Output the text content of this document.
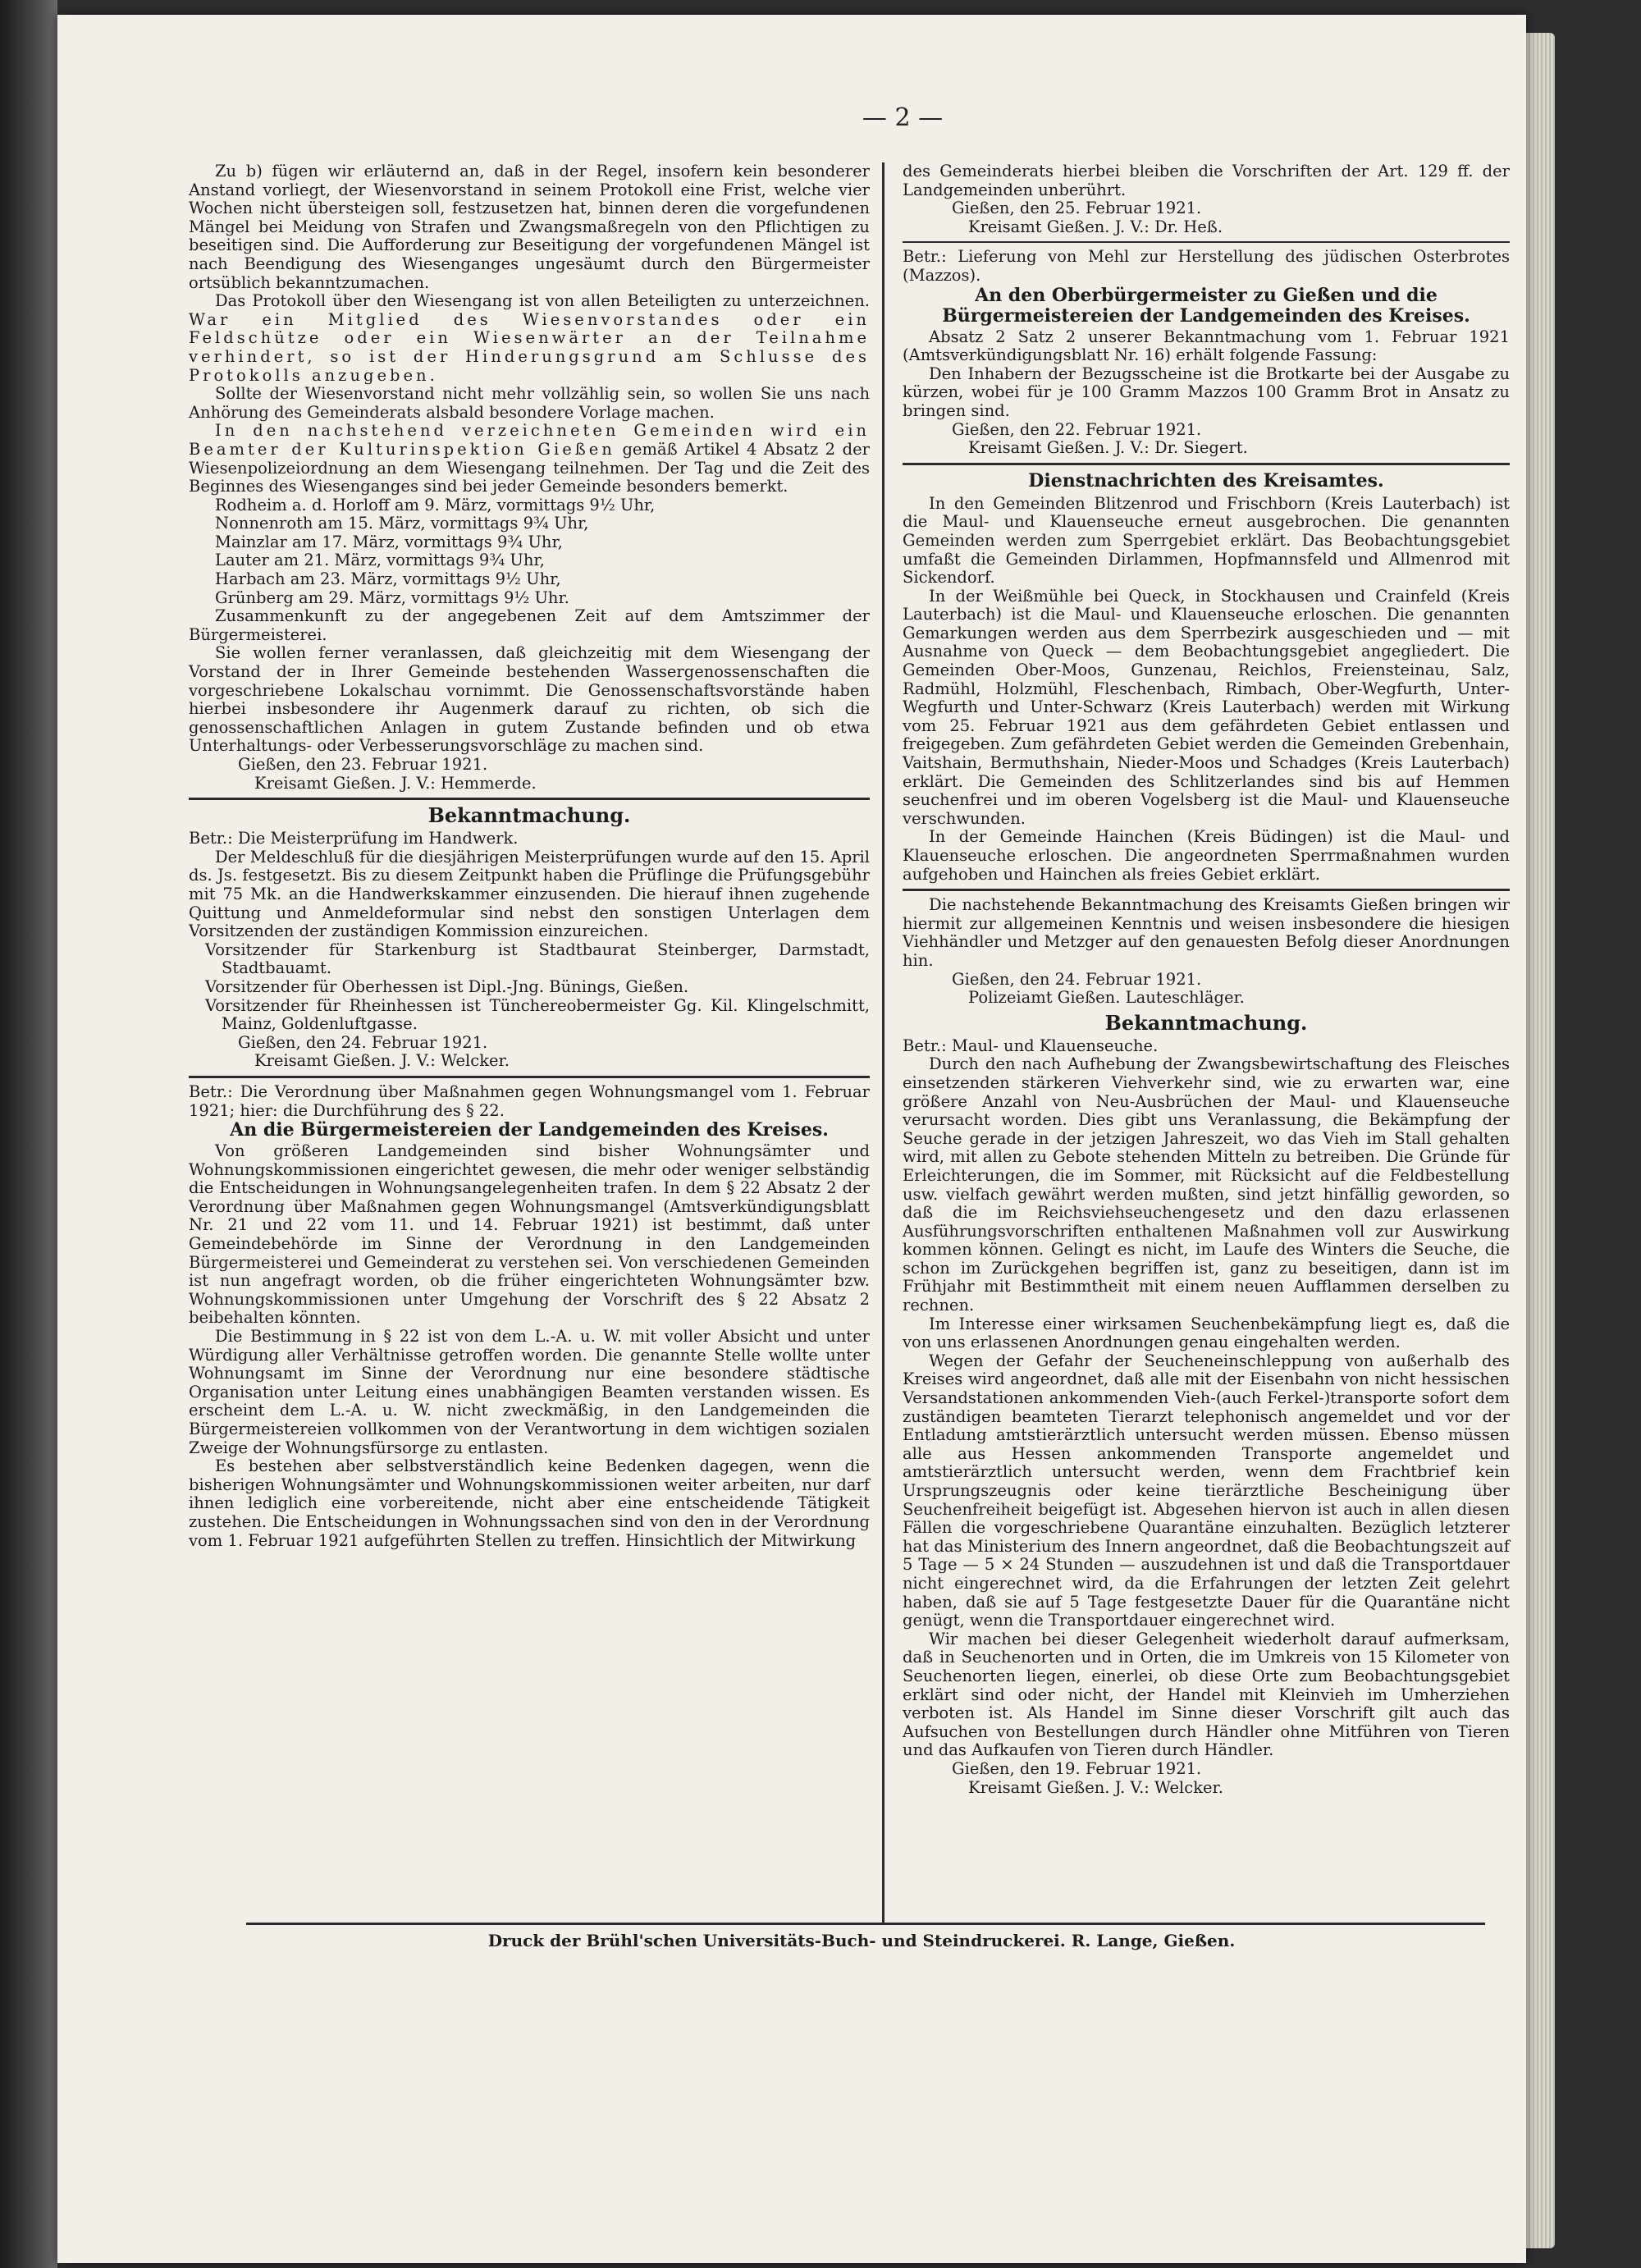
— 2 —

Zu b) fügen wir erläuternd an, daß in der Regel, insofern kein besonderer Anstand vorliegt, der Wiesenvorstand in seinem Protokoll eine Frist, welche vier Wochen nicht übersteigen soll, festzusetzen hat, binnen deren die vorgefundenen Mängel bei Meidung von Strafen und Zwangsmaßregeln von den Pflichtigen zu beseitigen sind. Die Aufforderung zur Beseitigung der vorgefundenen Mängel ist nach Beendigung des Wiesenganges ungesäumt durch den Bürgermeister ortsüblich bekanntzumachen.

Das Protokoll über den Wiesengang ist von allen Beteiligten zu unterzeichnen. War ein Mitglied des Wiesenvorstandes oder ein Feldschütze oder ein Wiesenwärter an der Teilnahme verhindert, so ist der Hinderungsgrund am Schlusse des Protokolls anzugeben.

Sollte der Wiesenvorstand nicht mehr vollzählig sein, so wollen Sie uns nach Anhörung des Gemeinderats alsbald besondere Vorlage machen.

In den nachstehend verzeichneten Gemeinden wird ein Beamter der Kulturinspektion Gießen gemäß Artikel 4 Absatz 2 der Wiesenpolizeiordnung an dem Wiesengang teilnehmen. Der Tag und die Zeit des Beginnes des Wiesenganges sind bei jeder Gemeinde besonders bemerkt.

Rodheim a. d. Horloff am 9. März, vormittags 9½ Uhr,

Nonnenroth am 15. März, vormittags 9¾ Uhr,

Mainzlar am 17. März, vormittags 9¾ Uhr,

Lauter am 21. März, vormittags 9¾ Uhr,

Harbach am 23. März, vormittags 9½ Uhr,

Grünberg am 29. März, vormittags 9½ Uhr.

Zusammenkunft zu der angegebenen Zeit auf dem Amtszimmer der Bürgermeisterei.

Sie wollen ferner veranlassen, daß gleichzeitig mit dem Wiesengang der Vorstand der in Ihrer Gemeinde bestehenden Wassergenossenschaften die vorgeschriebene Lokalschau vornimmt. Die Genossenschaftsvorstände haben hierbei insbesondere ihr Augenmerk darauf zu richten, ob sich die genossenschaftlichen Anlagen in gutem Zustande befinden und ob etwa Unterhaltungs- oder Verbesserungsvorschläge zu machen sind.

Gießen, den 23. Februar 1921.

Kreisamt Gießen. J. V.: Hemmerde.

Bekanntmachung.

Betr.: Die Meisterprüfung im Handwerk.

Der Meldeschluß für die diesjährigen Meisterprüfungen wurde auf den 15. April ds. Js. festgesetzt. Bis zu diesem Zeitpunkt haben die Prüflinge die Prüfungsgebühr mit 75 Mk. an die Handwerkskammer einzusenden. Die hierauf ihnen zugehende Quittung und Anmeldeformular sind nebst den sonstigen Unterlagen dem Vorsitzenden der zuständigen Kommission einzureichen.

Vorsitzender für Starkenburg ist Stadtbaurat Steinberger, Darmstadt, Stadtbauamt.

Vorsitzender für Oberhessen ist Dipl.-Jng. Bünings, Gießen.

Vorsitzender für Rheinhessen ist Tünchereobermeister Gg. Kil. Klingelschmitt, Mainz, Goldenluftgasse.

Gießen, den 24. Februar 1921.

Kreisamt Gießen. J. V.: Welcker.

Betr.: Die Verordnung über Maßnahmen gegen Wohnungsmangel vom 1. Februar 1921; hier: die Durchführung des § 22.

An die Bürgermeistereien der Landgemeinden des Kreises.

Von größeren Landgemeinden sind bisher Wohnungsämter und Wohnungskommissionen eingerichtet gewesen, die mehr oder weniger selbständig die Entscheidungen in Wohnungsangelegenheiten trafen. In dem § 22 Absatz 2 der Verordnung über Maßnahmen gegen Wohnungsmangel (Amtsverkündigungsblatt Nr. 21 und 22 vom 11. und 14. Februar 1921) ist bestimmt, daß unter Gemeindebehörde im Sinne der Verordnung in den Landgemeinden Bürgermeisterei und Gemeinderat zu verstehen sei. Von verschiedenen Gemeinden ist nun angefragt worden, ob die früher eingerichteten Wohnungsämter bzw. Wohnungskommissionen unter Umgehung der Vorschrift des § 22 Absatz 2 beibehalten könnten.

Die Bestimmung in § 22 ist von dem L.-A. u. W. mit voller Absicht und unter Würdigung aller Verhältnisse getroffen worden. Die genannte Stelle wollte unter Wohnungsamt im Sinne der Verordnung nur eine besondere städtische Organisation unter Leitung eines unabhängigen Beamten verstanden wissen. Es erscheint dem L.-A. u. W. nicht zweckmäßig, in den Landgemeinden die Bürgermeistereien vollkommen von der Verantwortung in dem wichtigen sozialen Zweige der Wohnungsfürsorge zu entlasten.

Es bestehen aber selbstverständlich keine Bedenken dagegen, wenn die bisherigen Wohnungsämter und Wohnungskommissionen weiter arbeiten, nur darf ihnen lediglich eine vorbereitende, nicht aber eine entscheidende Tätigkeit zustehen. Die Entscheidungen in Wohnungssachen sind von den in der Verordnung vom 1. Februar 1921 aufgeführten Stellen zu treffen. Hinsichtlich der Mitwirkung

des Gemeinderats hierbei bleiben die Vorschriften der Art. 129 ff. der Landgemeinden unberührt.

Gießen, den 25. Februar 1921.

Kreisamt Gießen. J. V.: Dr. Heß.

Betr.: Lieferung von Mehl zur Herstellung des jüdischen Osterbrotes (Mazzos).

An den Oberbürgermeister zu Gießen und die Bürgermeistereien der Landgemeinden des Kreises.

Absatz 2 Satz 2 unserer Bekanntmachung vom 1. Februar 1921 (Amtsverkündigungsblatt Nr. 16) erhält folgende Fassung:

Den Inhabern der Bezugsscheine ist die Brotkarte bei der Ausgabe zu kürzen, wobei für je 100 Gramm Mazzos 100 Gramm Brot in Ansatz zu bringen sind.

Gießen, den 22. Februar 1921.

Kreisamt Gießen. J. V.: Dr. Siegert.

Dienstnachrichten des Kreisamtes.

In den Gemeinden Blitzenrod und Frischborn (Kreis Lauterbach) ist die Maul- und Klauenseuche erneut ausgebrochen. Die genannten Gemeinden werden zum Sperrgebiet erklärt. Das Beobachtungsgebiet umfaßt die Gemeinden Dirlammen, Hopfmannsfeld und Allmenrod mit Sickendorf.

In der Weißmühle bei Queck, in Stockhausen und Crainfeld (Kreis Lauterbach) ist die Maul- und Klauenseuche erloschen. Die genannten Gemarkungen werden aus dem Sperrbezirk ausgeschieden und — mit Ausnahme von Queck — dem Beobachtungsgebiet angegliedert. Die Gemeinden Ober-Moos, Gunzenau, Reichlos, Freiensteinau, Salz, Radmühl, Holzmühl, Fleschenbach, Rimbach, Ober-Wegfurth, Unter-Wegfurth und Unter-Schwarz (Kreis Lauterbach) werden mit Wirkung vom 25. Februar 1921 aus dem gefährdeten Gebiet entlassen und freigegeben. Zum gefährdeten Gebiet werden die Gemeinden Grebenhain, Vaitshain, Bermuthshain, Nieder-Moos und Schadges (Kreis Lauterbach) erklärt. Die Gemeinden des Schlitzerlandes sind bis auf Hemmen seuchenfrei und im oberen Vogelsberg ist die Maul- und Klauenseuche verschwunden.

In der Gemeinde Hainchen (Kreis Büdingen) ist die Maul- und Klauenseuche erloschen. Die angeordneten Sperrmaßnahmen wurden aufgehoben und Hainchen als freies Gebiet erklärt.

Die nachstehende Bekanntmachung des Kreisamts Gießen bringen wir hiermit zur allgemeinen Kenntnis und weisen insbesondere die hiesigen Viehhändler und Metzger auf den genauesten Befolg dieser Anordnungen hin.

Gießen, den 24. Februar 1921.

Polizeiamt Gießen. Lauteschläger.

Bekanntmachung.

Betr.: Maul- und Klauenseuche.

Durch den nach Aufhebung der Zwangsbewirtschaftung des Fleisches einsetzenden stärkeren Viehverkehr sind, wie zu erwarten war, eine größere Anzahl von Neu-Ausbrüchen der Maul- und Klauenseuche verursacht worden. Dies gibt uns Veranlassung, die Bekämpfung der Seuche gerade in der jetzigen Jahreszeit, wo das Vieh im Stall gehalten wird, mit allen zu Gebote stehenden Mitteln zu betreiben. Die Gründe für Erleichterungen, die im Sommer, mit Rücksicht auf die Feldbestellung usw. vielfach gewährt werden mußten, sind jetzt hinfällig geworden, so daß die im Reichsviehseuchengesetz und den dazu erlassenen Ausführungsvorschriften enthaltenen Maßnahmen voll zur Auswirkung kommen können. Gelingt es nicht, im Laufe des Winters die Seuche, die schon im Zurückgehen begriffen ist, ganz zu beseitigen, dann ist im Frühjahr mit Bestimmtheit mit einem neuen Aufflammen derselben zu rechnen.

Im Interesse einer wirksamen Seuchenbekämpfung liegt es, daß die von uns erlassenen Anordnungen genau eingehalten werden.

Wegen der Gefahr der Seucheneinschleppung von außerhalb des Kreises wird angeordnet, daß alle mit der Eisenbahn von nicht hessischen Versandstationen ankommenden Vieh-(auch Ferkel-)transporte sofort dem zuständigen beamteten Tierarzt telephonisch angemeldet und vor der Entladung amtstierärztlich untersucht werden müssen. Ebenso müssen alle aus Hessen ankommenden Transporte angemeldet und amtstierärztlich untersucht werden, wenn dem Frachtbrief kein Ursprungszeugnis oder keine tierärztliche Bescheinigung über Seuchenfreiheit beigefügt ist. Abgesehen hiervon ist auch in allen diesen Fällen die vorgeschriebene Quarantäne einzuhalten. Bezüglich letzterer hat das Ministerium des Innern angeordnet, daß die Beobachtungszeit auf 5 Tage — 5 × 24 Stunden — auszudehnen ist und daß die Transportdauer nicht eingerechnet wird, da die Erfahrungen der letzten Zeit gelehrt haben, daß sie auf 5 Tage festgesetzte Dauer für die Quarantäne nicht genügt, wenn die Transportdauer eingerechnet wird.

Wir machen bei dieser Gelegenheit wiederholt darauf aufmerksam, daß in Seuchenorten und in Orten, die im Umkreis von 15 Kilometer von Seuchenorten liegen, einerlei, ob diese Orte zum Beobachtungsgebiet erklärt sind oder nicht, der Handel mit Kleinvieh im Umherziehen verboten ist. Als Handel im Sinne dieser Vorschrift gilt auch das Aufsuchen von Bestellungen durch Händler ohne Mitführen von Tieren und das Aufkaufen von Tieren durch Händler.

Gießen, den 19. Februar 1921.

Kreisamt Gießen. J. V.: Welcker.

Druck der Brühl'schen Universitäts-Buch- und Steindruckerei. R. Lange, Gießen.
